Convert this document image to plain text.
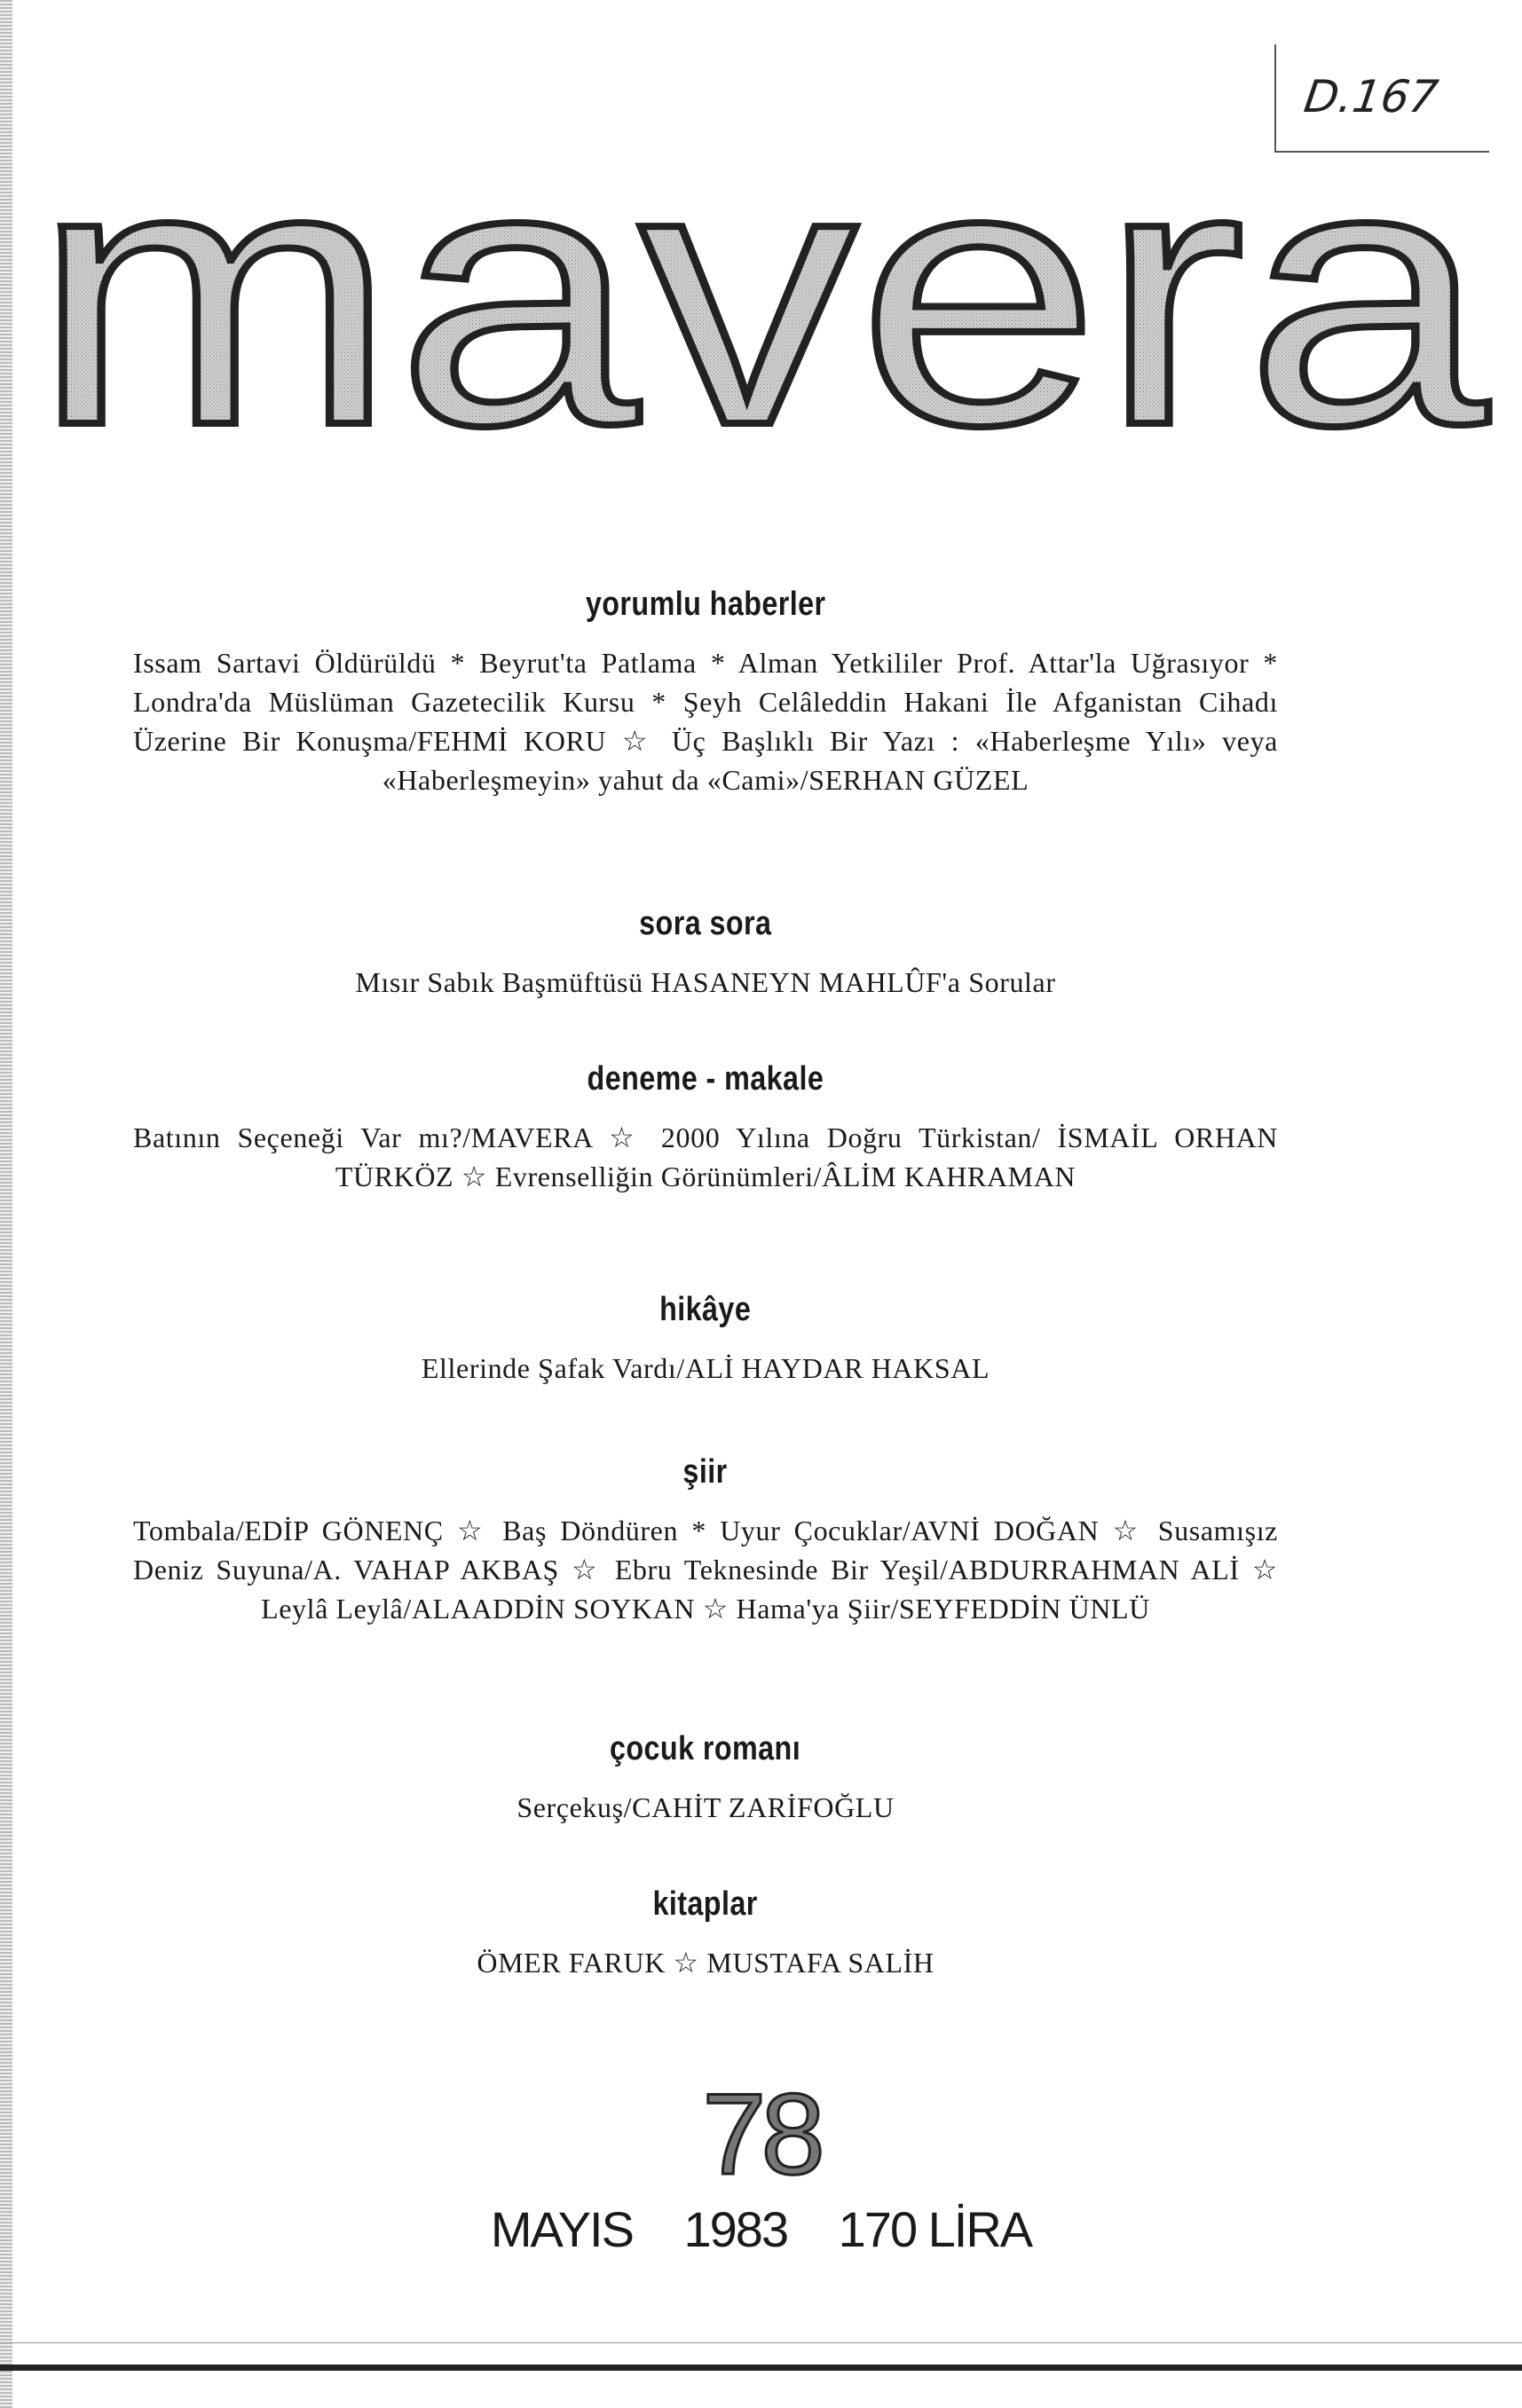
D.167
mavera
yorumlu haberler
Issam Sartavi Öldürüldü * Beyrut'ta Patlama * Alman Yetkililer Prof. Attar'la Uğrasıyor * Londra'da Müslüman Gazetecilik Kursu * Şeyh Celâleddin Hakani İle Afganistan Cihadı Üzerine Bir Konuşma/FEHMİ KORU ☆ Üç Başlıklı Bir Yazı : «Haberleşme Yılı» veya «Haberleşmeyin» yahut da «Cami»/SERHAN GÜZEL
sora sora
Mısır Sabık Başmüftüsü HASANEYN MAHLÛF'a Sorular
deneme - makale
Batının Seçeneği Var mı?/MAVERA ☆ 2000 Yılına Doğru Türkistan/ İSMAİL ORHAN TÜRKÖZ ☆ Evrenselliğin Görünümleri/ÂLİM KAHRAMAN
hikâye
Ellerinde Şafak Vardı/ALİ HAYDAR HAKSAL
şiir
Tombala/EDİP GÖNENÇ ☆ Baş Döndüren * Uyur Çocuklar/AVNİ DOĞAN ☆ Susamışız Deniz Suyuna/A. VAHAP AKBAŞ ☆ Ebru Teknesinde Bir Yeşil/ABDURRAHMAN ALİ ☆ Leylâ Leylâ/ALAADDİN SOYKAN ☆ Hama'ya Şiir/SEYFEDDİN ÜNLÜ
çocuk romanı
Serçekuş/CAHİT ZARİFOĞLU
kitaplar
ÖMER FARUK ☆ MUSTAFA SALİH
78
MAYIS 1983 170 LİRA
